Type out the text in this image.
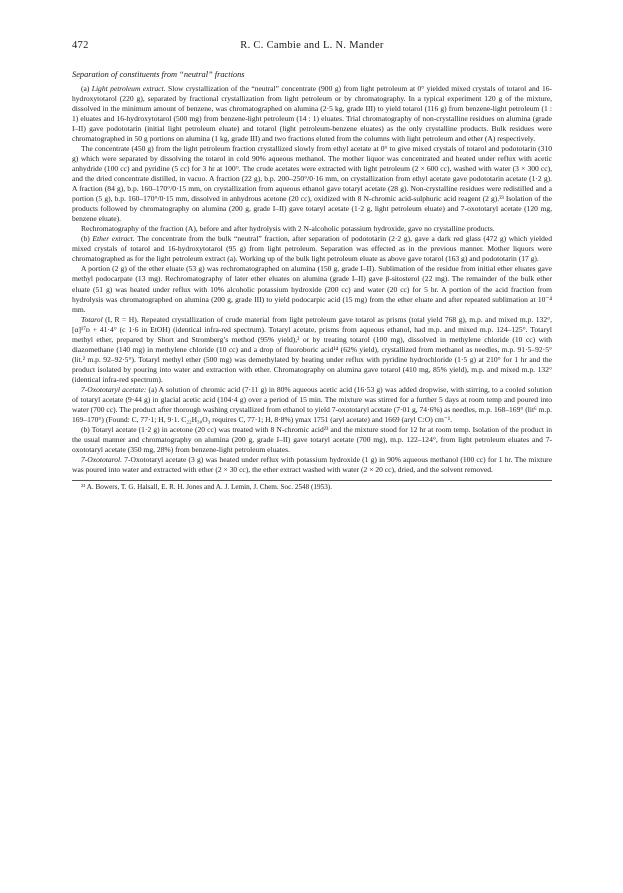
472	R. C. Cambie and L. N. Mander
Separation of constituents from “neutral” fractions

(a) Light petroleum extract. Slow crystallization of the “neutral” concentrate (900 g) from light petroleum at 0° yielded mixed crystals of totarol and 16-hydroxytotarol (220 g), separated by fractional crystallization from light petroleum or by chromatography. In a typical experiment 120 g of the mixture, dissolved in the minimum amount of benzene, was chromatographed on alumina (2·5 kg, grade III) to yield totarol (116 g) from benzene-light petroleum (1 : 1) eluates and 16-hydroxytotarol (500 mg) from benzene-light petroleum (14 : 1) eluates. Trial chromatography of non-crystalline residues on alumina (grade I–II) gave podototarin (initial light petroleum eluate) and totarol (light petroleum-benzene eluates) as the only crystalline products. Bulk residues were chromatographed in 50 g portions on alumina (1 kg, grade III) and two fractions eluted from the columns with light petroleum and ether (A) respectively.

The concentrate (450 g) from the light petroleum fraction crystallized slowly from ethyl acetate at 0° to give mixed crystals of totarol and podototarin (310 g) which were separated by dissolving the totarol in cold 90% aqueous methanol. The mother liquor was concentrated and heated under reflux with acetic anhydride (100 cc) and pyridine (5 cc) for 3 hr at 100°. The crude acetates were extracted with light petroleum (2 × 600 cc), washed with water (3 × 300 cc), and the dried concentrate distilled, in vacuo. A fraction (22 g), b.p. 200–250°/0·16 mm, on crystallization from ethyl acetate gave podototarin acetate (1·2 g). A fraction (84 g), b.p. 160–170°/0·15 mm, on crystallization from aqueous ethanol gave totaryl acetate (28 g). Non-crystalline residues were redistilled and a portion (5 g), b.p. 160–170°/0·15 mm, dissolved in anhydrous acetone (20 cc), oxidized with 8 N-chromic acid-sulphuric acid reagent (2 g).²³ Isolation of the products followed by chromatography on alumina (200 g, grade I–II) gave totaryl acetate (1·2 g, light petroleum eluate) and 7-oxototaryl acetate (120 mg, benzene eluate).

Rechromatography of the fraction (A), before and after hydrolysis with 2 N-alcoholic potassium hydroxide, gave no crystalline products.

(b) Ether extract. The concentrate from the bulk “neutral” fraction, after separation of podototarin (2·2 g), gave a dark red glass (472 g) which yielded mixed crystals of totarol and 16-hydroxytotarol (95 g) from light petroleum. Separation was effected as in the previous manner. Mother liquors were chromatographed as for the light petroleum extract (a). Working up of the bulk light petroleum eluate as above gave totarol (163 g) and podototarin (17 g).

A portion (2 g) of the ether eluate (53 g) was rechromatographed on alumina (150 g, grade I–II). Sublimation of the residue from initial ether eluates gave methyl podocarpate (13 mg). Rechromatography of later ether eluates on alumina (grade I–II) gave β-sitosterol (22 mg). The remainder of the bulk ether eluate (51 g) was heated under reflux with 10% alcoholic potassium hydroxide (200 cc) and water (20 cc) for 5 hr. A portion of the acid fraction from hydrolysis was chromatographed on alumina (200 g, grade III) to yield podocarpic acid (15 mg) from the ether eluate and after repeated sublimation at 10⁻⁴ mm.

Totarol (I, R = H). Repeated crystallization of crude material from light petroleum gave totarol as prisms (total yield 768 g), m.p. and mixed m.p. 132°, [α]¹⁷ᴅ + 41·4° (c 1·6 in EtOH) (identical infra-red spectrum). Totaryl acetate, prisms from aqueous ethanol, had m.p. and mixed m.p. 124–125°. Totaryl methyl ether, prepared by Short and Stromberg’s method (95% yield),² or by treating totarol (100 mg), dissolved in methylene chloride (10 cc) with diazomethane (140 mg) in methylene chloride (10 cc) and a drop of fluoroboric acid¹⁴ (62% yield), crystallized from methanol as needles, m.p. 91·5–92·5° (lit.² m.p. 92–92·5°). Totaryl methyl ether (500 mg) was demethylated by heating under reflux with pyridine hydrochloride (1·5 g) at 210° for 1 hr and the product isolated by pouring into water and extraction with ether. Chromatography on alumina gave totarol (410 mg, 85% yield), m.p. and mixed m.p. 132° (identical infra-red spectrum).

7-Oxototaryl acetate: (a) A solution of chromic acid (7·11 g) in 80% aqueous acetic acid (16·53 g) was added dropwise, with stirring, to a cooled solution of totaryl acetate (9·44 g) in glacial acetic acid (104·4 g) over a period of 15 min. The mixture was stirred for a further 5 days at room temp and poured into water (700 cc). The product after thorough washing crystallized from ethanol to yield 7-oxototaryl acetate (7·01 g, 74·6%) as needles, m.p. 168–169° (lit⁶ m.p. 169–170°) (Found: C, 77·1; H, 9·1. C₂₂H₃₀O₃ requires C, 77·1; H, 8·8%) γmax 1751 (aryl acetate) and 1669 (aryl C:O) cm⁻¹.

(b) Totaryl acetate (1·2 g) in acetone (20 cc) was treated with 8 N-chromic acid²³ and the mixture stood for 12 hr at room temp. Isolation of the product in the usual manner and chromatography on alumina (200 g, grade I–II) gave totaryl acetate (700 mg), m.p. 122–124°, from light petroleum eluates and 7-oxototaryl acetate (350 mg, 28%) from benzene-light petroleum eluates.

7-Oxototarol. 7-Oxototaryl acetate (3 g) was heated under reflux with potassium hydroxide (1 g) in 90% aqueous methanol (100 cc) for 1 hr. The mixture was poured into water and extracted with ether (2 × 30 cc), the ether extract washed with water (2 × 20 cc), dried, and the solvent removed.

²³ A. Bowers, T. G. Halsall, E. R. H. Jones and A. J. Lemin, J. Chem. Soc. 2548 (1953).
